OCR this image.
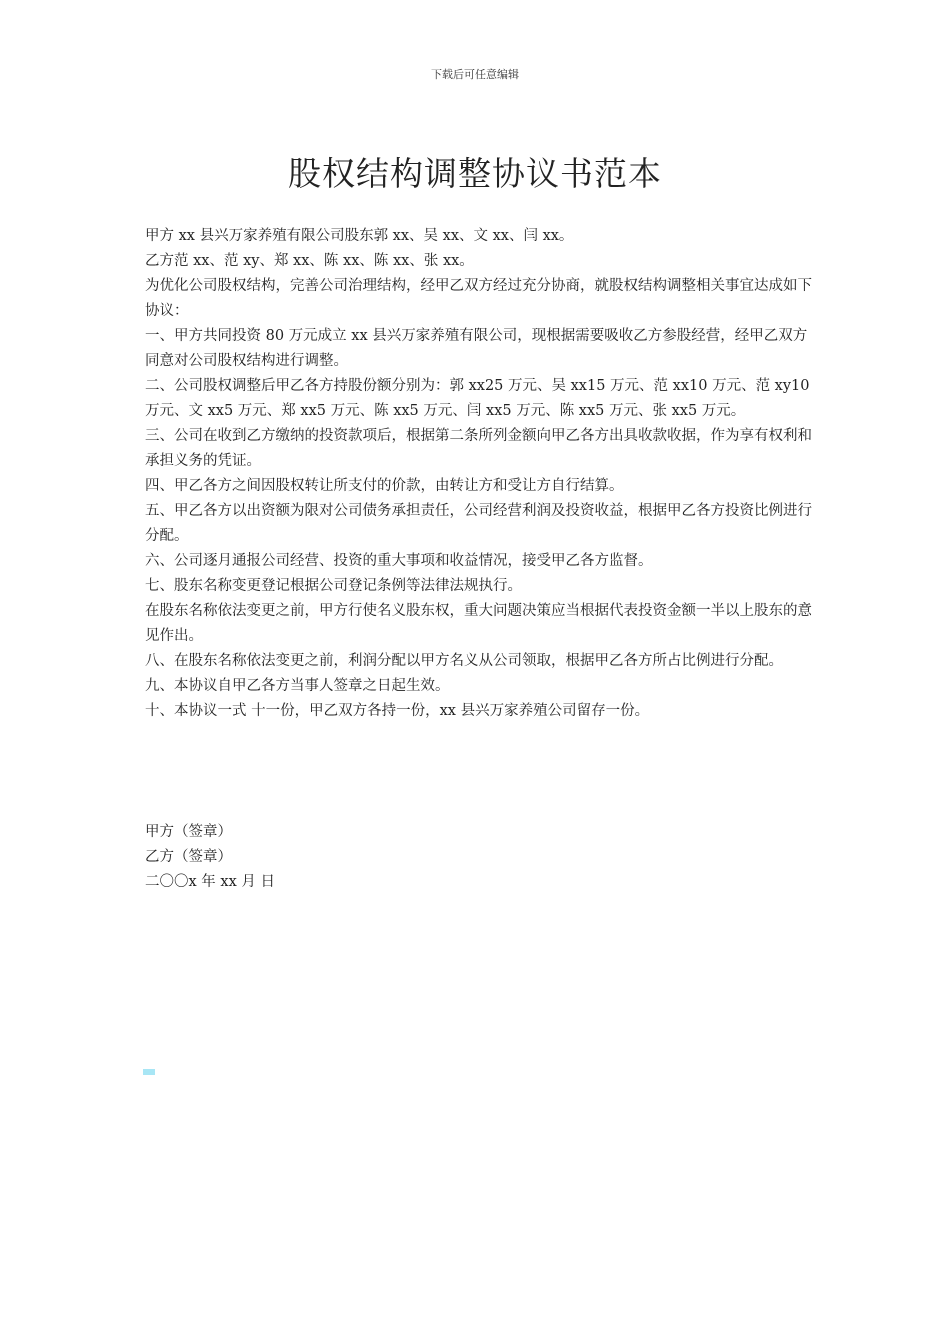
下载后可任意编辑
股权结构调整协议书范本

甲方 xx 县兴万家养殖有限公司股东郭 xx、吴 xx、文 xx、闫 xx。

乙方范 xx、范 xy、郑 xx、陈 xx、陈 xx、张 xx。

为优化公司股权结构，完善公司治理结构，经甲乙双方经过充分协商，就股权结构调整相关事宜达成如下协议：

一、甲方共同投资 80 万元成立 xx 县兴万家养殖有限公司，现根据需要吸收乙方参股经营，经甲乙双方同意对公司股权结构进行调整。

二、公司股权调整后甲乙各方持股份额分别为：郭 xx25 万元、吴 xx15 万元、范 xx10 万元、范 xy10 万元、文 xx5 万元、郑 xx5 万元、陈 xx5 万元、闫 xx5 万元、陈 xx5 万元、张 xx5 万元。

三、公司在收到乙方缴纳的投资款项后，根据第二条所列金额向甲乙各方出具收款收据，作为享有权利和承担义务的凭证。

四、甲乙各方之间因股权转让所支付的价款，由转让方和受让方自行结算。

五、甲乙各方以出资额为限对公司债务承担责任，公司经营利润及投资收益，根据甲乙各方投资比例进行分配。

六、公司逐月通报公司经营、投资的重大事项和收益情况，接受甲乙各方监督。

七、股东名称变更登记根据公司登记条例等法律法规执行。

在股东名称依法变更之前，甲方行使名义股东权，重大问题决策应当根据代表投资金额一半以上股东的意见作出。

八、在股东名称依法变更之前，利润分配以甲方名义从公司领取，根据甲乙各方所占比例进行分配。

九、本协议自甲乙各方当事人签章之日起生效。

十、本协议一式 十一份，甲乙双方各持一份，xx 县兴万家养殖公司留存一份。

甲方（签章）

乙方（签章）

二〇〇x 年 xx 月 日
